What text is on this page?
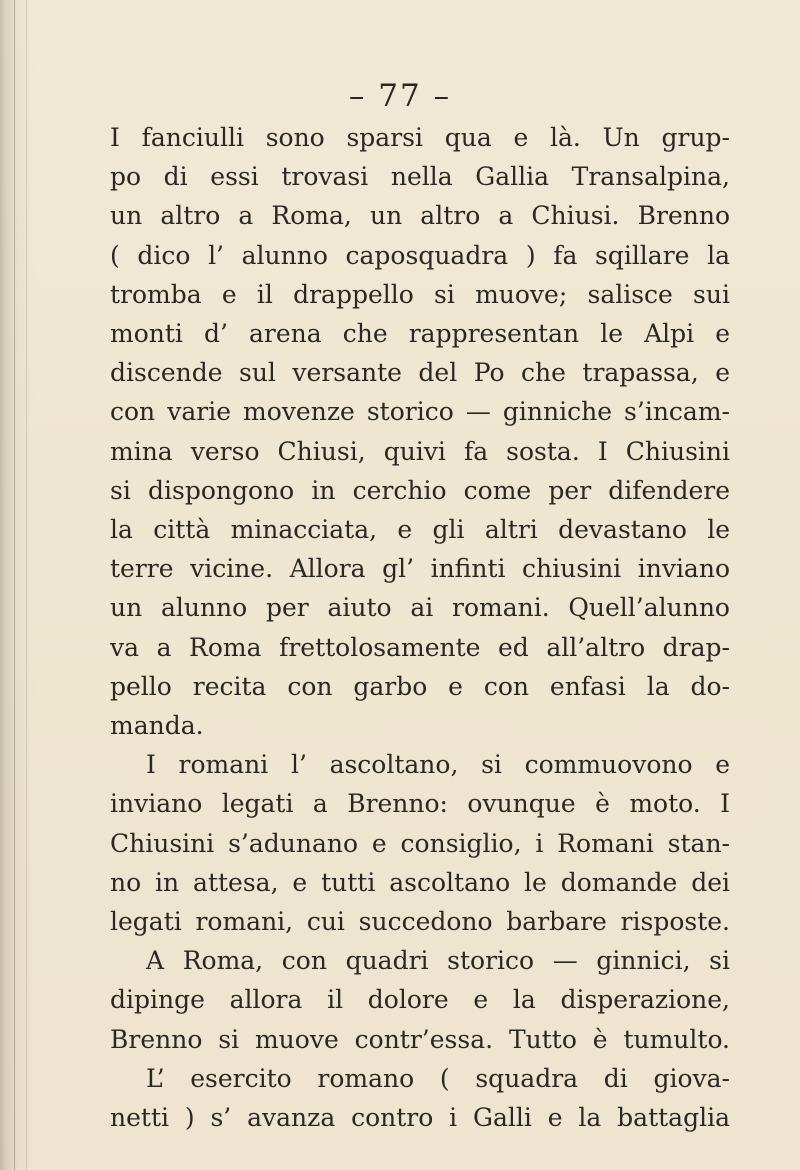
– 77 –
I fanciulli sono sparsi qua e là. Un grup-
po di essi trovasi nella Gallia Transalpina,
un altro a Roma, un altro a Chiusi. Brenno
( dico l’ alunno caposquadra ) fa sqillare la
tromba e il drappello si muove; salisce sui
monti d’ arena che rappresentan le Alpi e
discende sul versante del Po che trapassa, e
con varie movenze storico — ginniche s’incam-
mina verso Chiusi, quivi fa sosta. I Chiusini
si dispongono in cerchio come per difendere
la città minacciata, e gli altri devastano le
terre vicine. Allora gl’ infinti chiusini inviano
un alunno per aiuto ai romani. Quell’alunno
va a Roma frettolosamente ed all’altro drap-
pello recita con garbo e con enfasi la do-
manda.
I romani l’ ascoltano, si commuovono e
inviano legati a Brenno: ovunque è moto. I
Chiusini s’adunano e consiglio, i Romani stan-
no in attesa, e tutti ascoltano le domande dei
legati romani, cui succedono barbare risposte.
A Roma, con quadri storico — ginnici, si
dipinge allora il dolore e la disperazione,
Brenno si muove contr’essa. Tutto è tumulto.
L’ esercito romano ( squadra di giova-
netti ) s’ avanza contro i Galli e la battaglia
